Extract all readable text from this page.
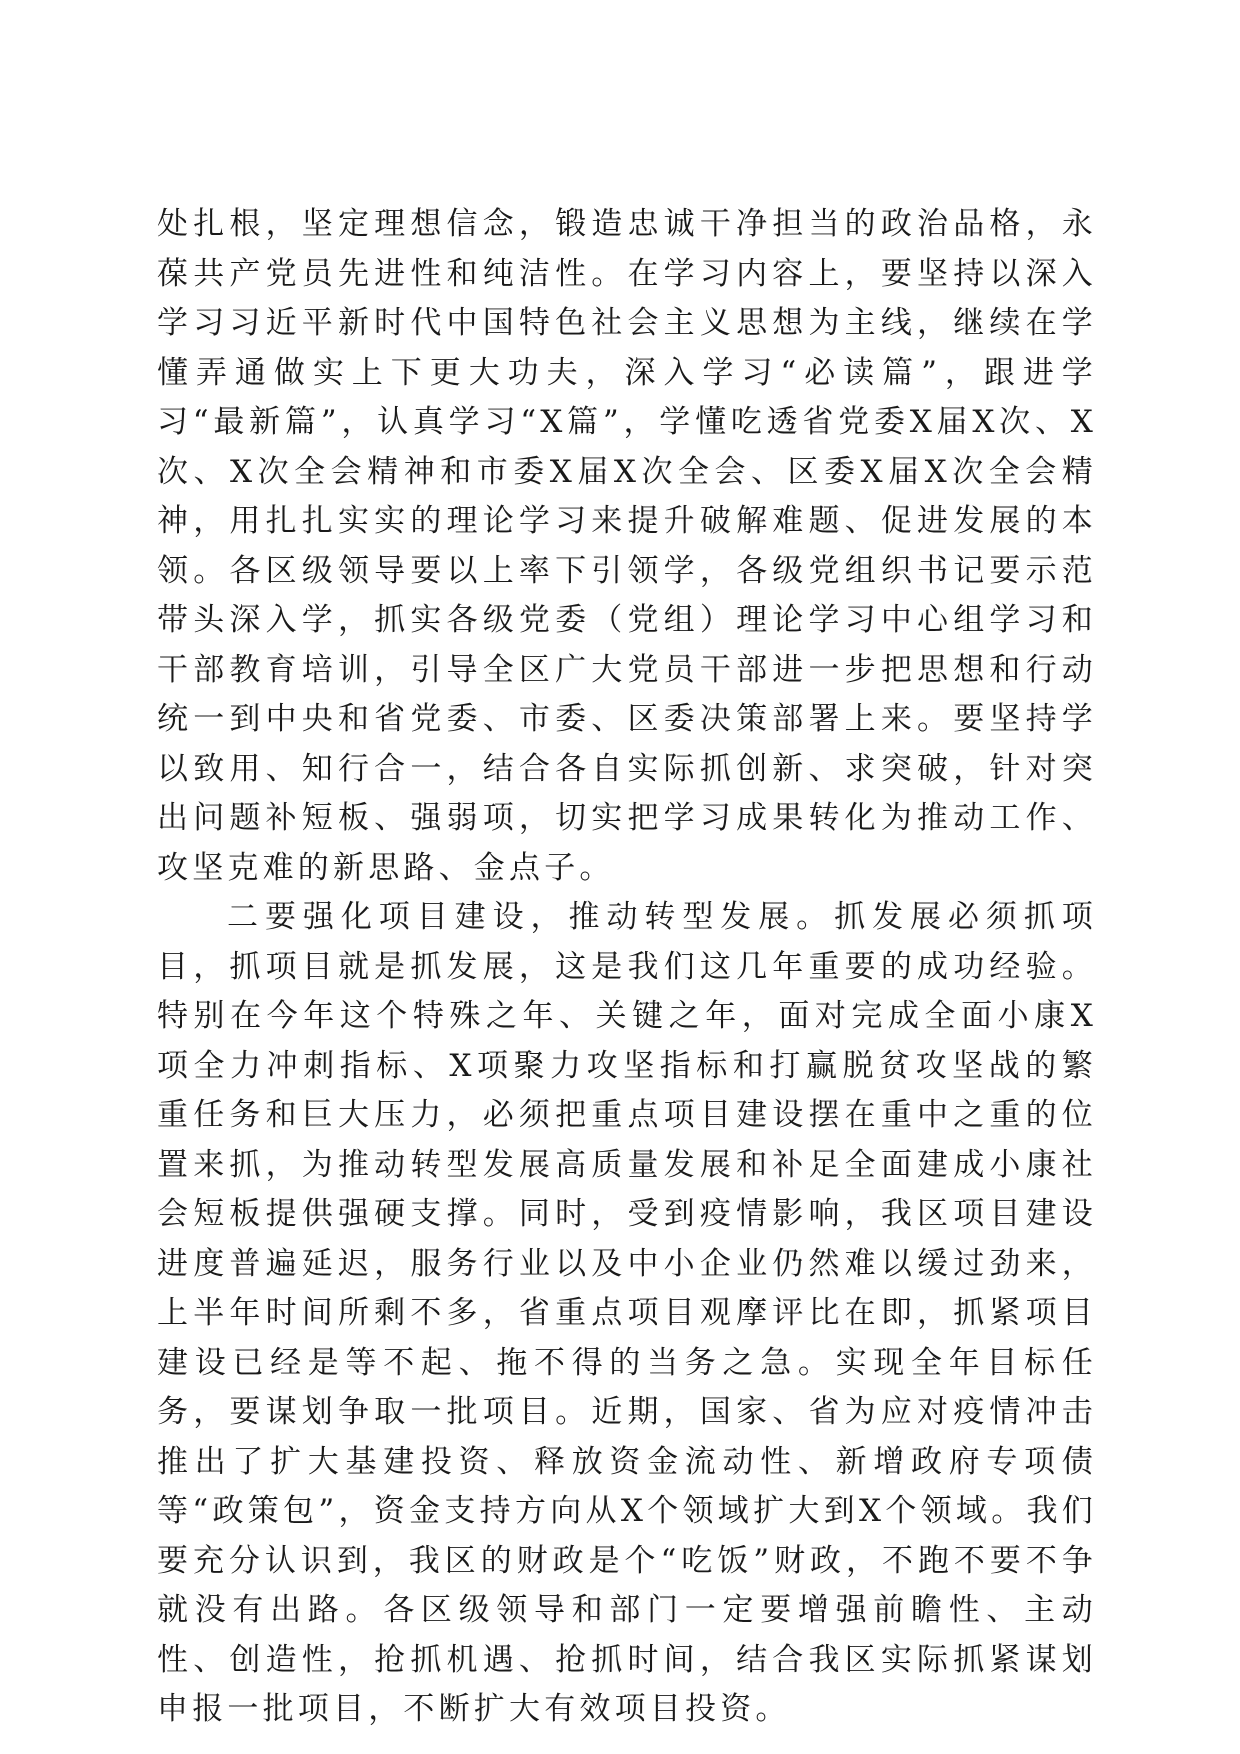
处扎根，坚定理想信念，锻造忠诚干净担当的政治品格，永葆共产党员先进性和纯洁性。在学习内容上，要坚持以深入学习习近平新时代中国特色社会主义思想为主线，继续在学懂弄通做实上下更大功夫，深入学习“必读篇”，跟进学习“最新篇”，认真学习“X篇”，学懂吃透省党委X届X次、X次、X次全会精神和市委X届X次全会、区委X届X次全会精神，用扎扎实实的理论学习来提升破解难题、促进发展的本领。各区级领导要以上率下引领学，各级党组织书记要示范带头深入学，抓实各级党委（党组）理论学习中心组学习和干部教育培训，引导全区广大党员干部进一步把思想和行动统一到中央和省党委、市委、区委决策部署上来。要坚持学以致用、知行合一，结合各自实际抓创新、求突破，针对突出问题补短板、强弱项，切实把学习成果转化为推动工作、攻坚克难的新思路、金点子。

二要强化项目建设，推动转型发展。抓发展必须抓项目，抓项目就是抓发展，这是我们这几年重要的成功经验。特别在今年这个特殊之年、关键之年，面对完成全面小康X项全力冲刺指标、X项聚力攻坚指标和打赢脱贫攻坚战的繁重任务和巨大压力，必须把重点项目建设摆在重中之重的位置来抓，为推动转型发展高质量发展和补足全面建成小康社会短板提供强硬支撑。同时，受到疫情影响，我区项目建设进度普遍延迟，服务行业以及中小企业仍然难以缓过劲来，上半年时间所剩不多，省重点项目观摩评比在即，抓紧项目建设已经是等不起、拖不得的当务之急。实现全年目标任务，要谋划争取一批项目。近期，国家、省为应对疫情冲击推出了扩大基建投资、释放资金流动性、新增政府专项债等“政策包”，资金支持方向从X个领域扩大到X个领域。我们要充分认识到，我区的财政是个“吃饭”财政，不跑不要不争就没有出路。各区级领导和部门一定要增强前瞻性、主动性、创造性，抢抓机遇、抢抓时间，结合我区实际抓紧谋划申报一批项目，不断扩大有效项目投资。
